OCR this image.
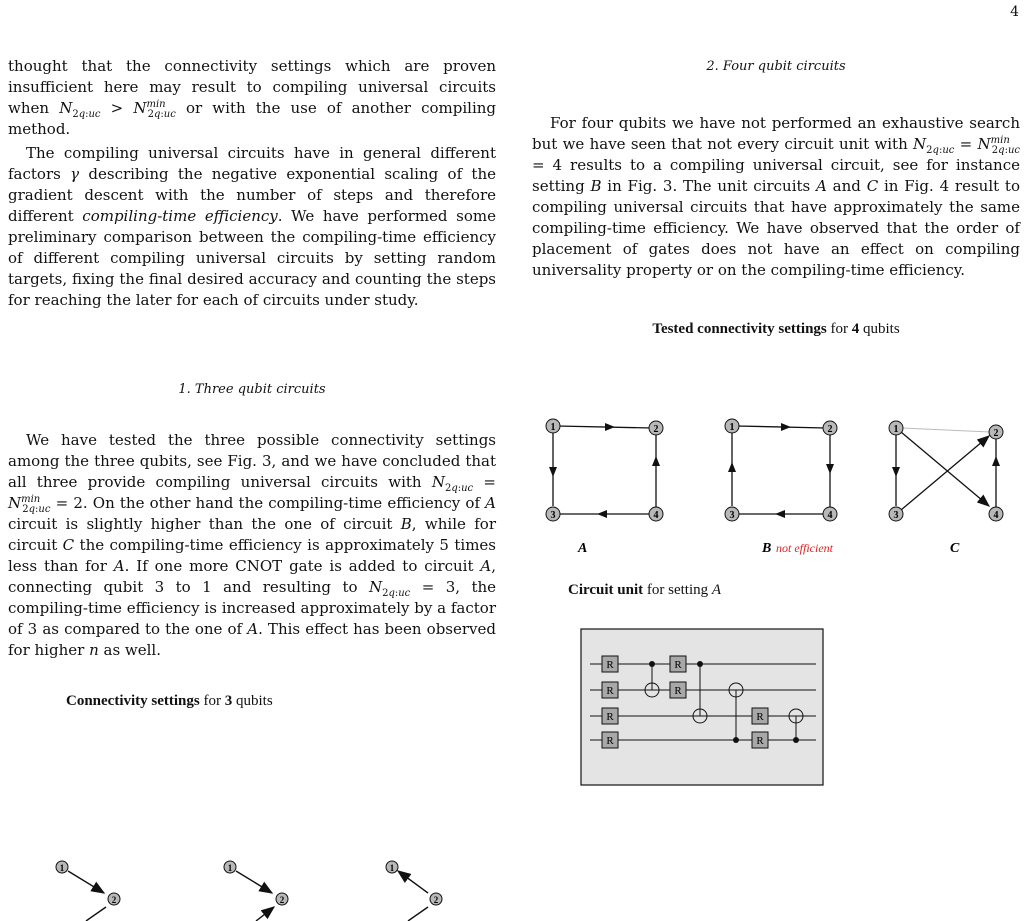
4

thought that the connectivity settings which are proven insufficient here may result to compiling universal circuits when $N_{2q:uc} > N^{min}_{2q:uc}$ or with the use of another compiling method.

The compiling universal circuits have in general different factors γ describing the negative exponential scaling of the gradient descent with the number of steps and therefore different compiling-time efficiency. We have performed some preliminary comparison between the compiling-time efficiency of different compiling universal circuits by setting random targets, fixing the final desired accuracy and counting the steps for reaching the later for each of circuits under study.

1. Three qubit circuits

We have tested the three possible connectivity settings among the three qubits, see Fig. 3, and we have concluded that all three provide compiling universal circuits with $N_{2q:uc} = N^{min}_{2q:uc} = 2$. On the other hand the compiling-time efficiency of A circuit is slightly higher than the one of circuit B, while for circuit C the compiling-time efficiency is approximately 5 times less than for A. If one more CNOT gate is added to circuit A, connecting qubit 3 to 1 and resulting to $N_{2q:uc} = 3$, the compiling-time efficiency is increased approximately by a factor of 3 as compared to the one of A. This effect has been observed for higher n as well.

Connectivity settings for 3 qubits

1
2
1
2
1
2

2. Four qubit circuits

For four qubits we have not performed an exhaustive search but we have seen that not every circuit unit with $N_{2q:uc} = N^{min}_{2q:uc} = 4$ results to a compiling universal circuit, see for instance setting B in Fig. 3. The unit circuits A and C in Fig. 4 result to compiling universal circuits that have approximately the same compiling-time efficiency. We have observed that the order of placement of gates does not have an effect on compiling universality property or on the compiling-time efficiency.

Tested connectivity settings for 4 qubits

1	2
3	4
A
1	2
3	4
B not efficient
1	2
3	4
C
Circuit unit for setting A
R
R
R
R
R
R
R
R
